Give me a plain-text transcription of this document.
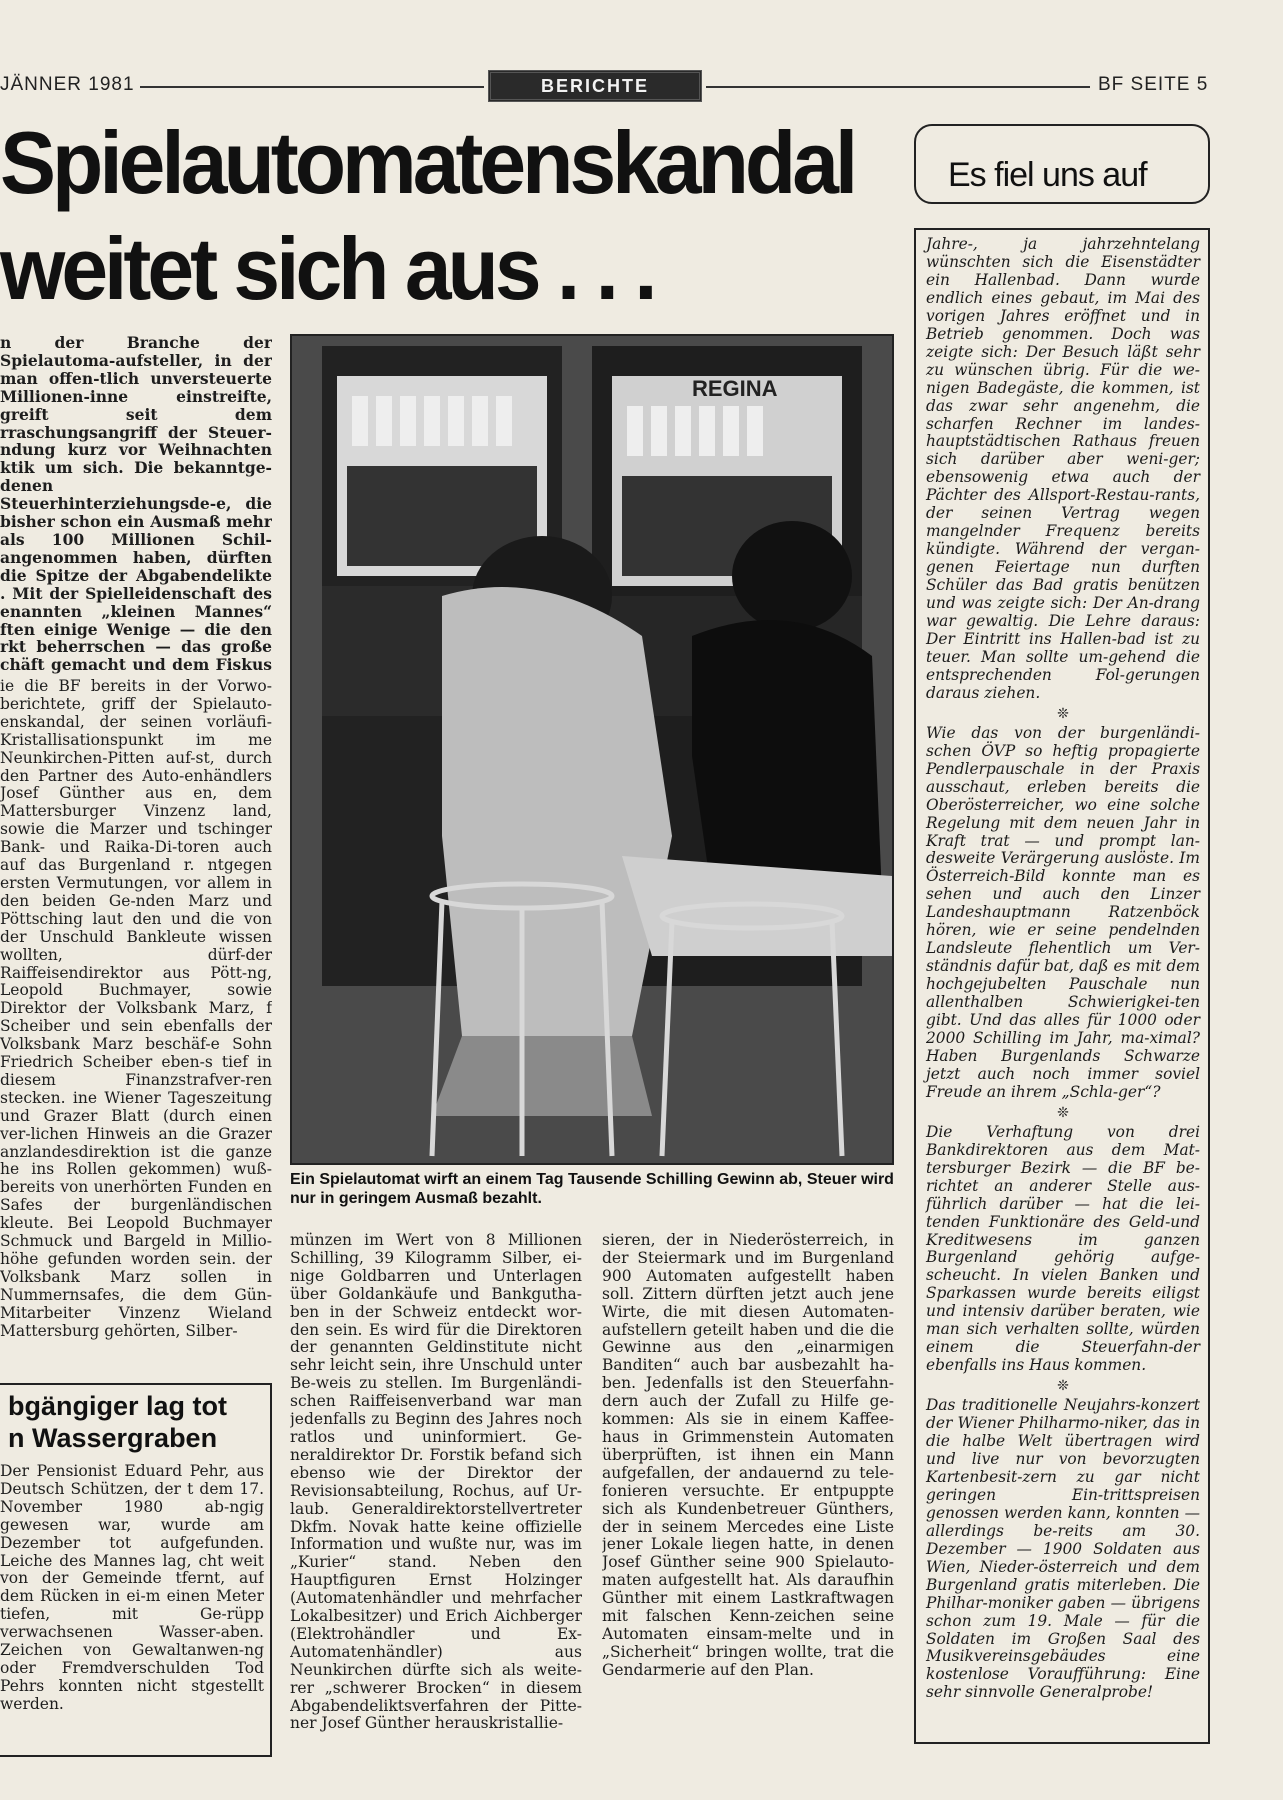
JÄNNER 1981	BERICHTE	BF SEITE 5
Spielautomatenskandal
weitet sich aus . . .

n der Branche der Spielautoma-aufsteller, in der man offen-tlich unversteuerte Millionen-inne einstreifte, greift seit dem rraschungsangriff der Steuer-ndung kurz vor Weihnachten ktik um sich. Die bekanntge-denen Steuerhinterziehungsde-e, die bisher schon ein Ausmaß mehr als 100 Millionen Schil-angenommen haben, dürften die Spitze der Abgabendelikte . Mit der Spielleidenschaft des enannten „kleinen Mannes“ ften einige Wenige — die den rkt beherrschen — das große chäft gemacht und dem Fiskus

ie die BF bereits in der Vorwo-berichtete, griff der Spielauto-enskandal, der seinen vorläufi-Kristallisationspunkt im me Neunkirchen-Pitten auf-st, durch den Partner des Auto-enhändlers Josef Günther aus en, dem Mattersburger Vinzenz land, sowie die Marzer und tschinger Bank- und Raika-Di-toren auch auf das Burgenland r. ntgegen ersten Vermutungen, vor allem in den beiden Ge-nden Marz und Pöttsching laut den und die von der Unschuld Bankleute wissen wollten, dürf-der Raiffeisendirektor aus Pött-ng, Leopold Buchmayer, sowie Direktor der Volksbank Marz, f Scheiber und sein ebenfalls der Volksbank Marz beschäf-e Sohn Friedrich Scheiber eben-s tief in diesem Finanzstrafver-ren stecken. ine Wiener Tageszeitung und Grazer Blatt (durch einen ver-lichen Hinweis an die Grazer anzlandesdirektion ist die ganze he ins Rollen gekommen) wuß-bereits von unerhörten Funden en Safes der burgenländischen kleute. Bei Leopold Buchmayer Schmuck und Bargeld in Millio-höhe gefunden worden sein. der Volksbank Marz sollen in Nummernsafes, die dem Gün-Mitarbeiter Vinzenz Wieland Mattersburg gehörten, Silber-

REGINA
Ein Spielautomat wirft an einem Tag Tausende Schilling Gewinn ab, Steuer wird nur in geringem Ausmaß bezahlt.

münzen im Wert von 8 Millionen Schilling, 39 Kilogramm Silber, ei-nige Goldbarren und Unterlagen über Goldankäufe und Bankgutha-ben in der Schweiz entdeckt wor-den sein. Es wird für die Direktoren der genannten Geldinstitute nicht sehr leicht sein, ihre Unschuld unter Be-weis zu stellen. Im Burgenländi-schen Raiffeisenverband war man jedenfalls zu Beginn des Jahres noch ratlos und uninformiert. Ge-neraldirektor Dr. Forstik befand sich ebenso wie der Direktor der Revisionsabteilung, Rochus, auf Ur-laub. Generaldirektorstellvertreter Dkfm. Novak hatte keine offizielle Information und wußte nur, was im „Kurier“ stand. Neben den Hauptfiguren Ernst Holzinger (Automatenhändler und mehrfacher Lokalbesitzer) und Erich Aichberger (Elektrohändler und Ex-Automatenhändler) aus Neunkirchen dürfte sich als weite-rer „schwerer Brocken“ in diesem Abgabendeliktsverfahren der Pitte-ner Josef Günther herauskristallie-

sieren, der in Niederösterreich, in der Steiermark und im Burgenland 900 Automaten aufgestellt haben soll. Zittern dürften jetzt auch jene Wirte, die mit diesen Automaten-aufstellern geteilt haben und die die Gewinne aus den „einarmigen Banditen“ auch bar ausbezahlt ha-ben. Jedenfalls ist den Steuerfahn-dern auch der Zufall zu Hilfe ge-kommen: Als sie in einem Kaffee-haus in Grimmenstein Automaten überprüften, ist ihnen ein Mann aufgefallen, der andauernd zu tele-fonieren versuchte. Er entpuppte sich als Kundenbetreuer Günthers, der in seinem Mercedes eine Liste jener Lokale liegen hatte, in denen Josef Günther seine 900 Spielauto-maten aufgestellt hat. Als daraufhin Günther mit einem Lastkraftwagen mit falschen Kenn-zeichen seine Automaten einsam-melte und in „Sicherheit“ bringen wollte, trat die Gendarmerie auf den Plan.

bgängiger lag tot
n Wassergraben

Der Pensionist Eduard Pehr, aus Deutsch Schützen, der t dem 17. November 1980 ab-ngig gewesen war, wurde am Dezember tot aufgefunden. Leiche des Mannes lag, cht weit von der Gemeinde tfernt, auf dem Rücken in ei-m einen Meter tiefen, mit Ge-rüpp verwachsenen Wasser-aben. Zeichen von Gewaltanwen-ng oder Fremdverschulden Tod Pehrs konnten nicht stgestellt werden.

Es fiel uns auf

Jahre-, ja jahrzehntelang wünschten sich die Eisenstädter ein Hallenbad. Dann wurde endlich eines gebaut, im Mai des vorigen Jahres eröffnet und in Betrieb genommen. Doch was zeigte sich: Der Besuch läßt sehr zu wünschen übrig. Für die we-nigen Badegäste, die kommen, ist das zwar sehr angenehm, die scharfen Rechner im landes-hauptstädtischen Rathaus freuen sich darüber aber weni-ger; ebensowenig etwa auch der Pächter des Allsport-Restau-rants, der seinen Vertrag wegen mangelnder Frequenz bereits kündigte. Während der vergan-genen Feiertage nun durften Schüler das Bad gratis benützen und was zeigte sich: Der An-drang war gewaltig. Die Lehre daraus: Der Eintritt ins Hallen-bad ist zu teuer. Man sollte um-gehend die entsprechenden Fol-gerungen daraus ziehen.

❊

Wie das von der burgenländi-schen ÖVP so heftig propagierte Pendlerpauschale in der Praxis ausschaut, erleben bereits die Oberösterreicher, wo eine solche Regelung mit dem neuen Jahr in Kraft trat — und prompt lan-desweite Verärgerung auslöste. Im Österreich-Bild konnte man es sehen und auch den Linzer Landeshauptmann Ratzenböck hören, wie er seine pendelnden Landsleute flehentlich um Ver-ständnis dafür bat, daß es mit dem hochgejubelten Pauschale nun allenthalben Schwierigkei-ten gibt. Und das alles für 1000 oder 2000 Schilling im Jahr, ma-ximal? Haben Burgenlands Schwarze jetzt auch noch immer soviel Freude an ihrem „Schla-ger“?

❊

Die Verhaftung von drei Bankdirektoren aus dem Mat-tersburger Bezirk — die BF be-richtet an anderer Stelle aus-führlich darüber — hat die lei-tenden Funktionäre des Geld-und Kreditwesens im ganzen Burgenland gehörig aufge-scheucht. In vielen Banken und Sparkassen wurde bereits eiligst und intensiv darüber beraten, wie man sich verhalten sollte, würden einem die Steuerfahn-der ebenfalls ins Haus kommen.

❊

Das traditionelle Neujahrs-konzert der Wiener Philharmo-niker, das in die halbe Welt übertragen wird und live nur von bevorzugten Kartenbesit-zern zu gar nicht geringen Ein-trittspreisen genossen werden kann, konnten — allerdings be-reits am 30. Dezember — 1900 Soldaten aus Wien, Nieder-österreich und dem Burgenland gratis miterleben. Die Philhar-moniker gaben — übrigens schon zum 19. Male — für die Soldaten im Großen Saal des Musikvereinsgebäudes eine kostenlose Voraufführung: Eine sehr sinnvolle Generalprobe!
